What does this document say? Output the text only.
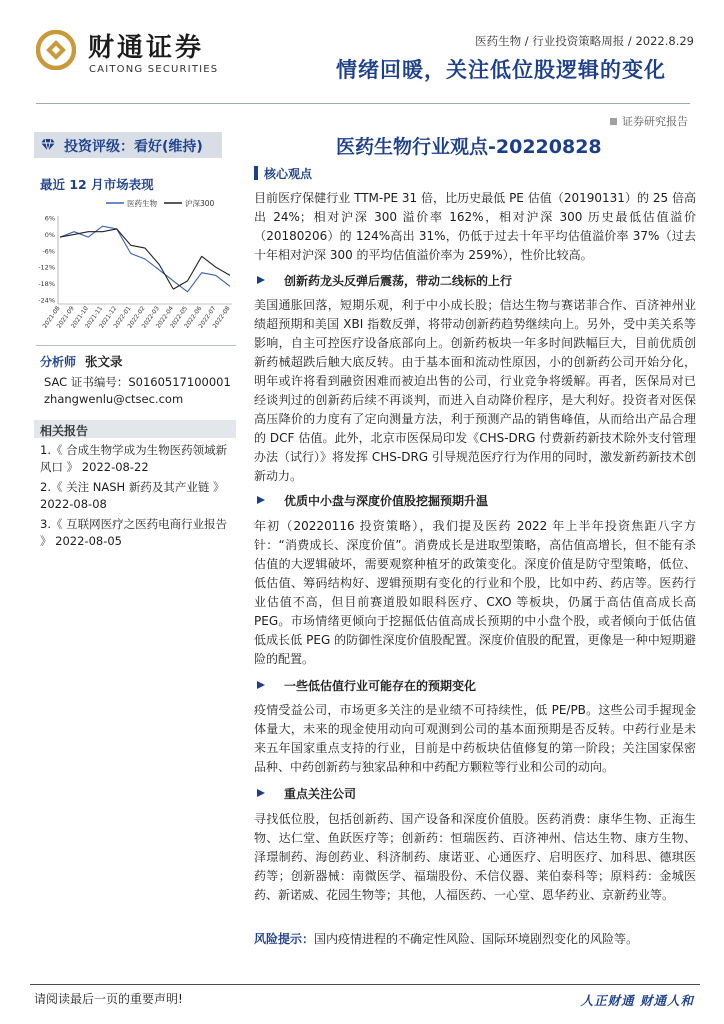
财通证券
CAITONG SECURITIES
医药生物 / 行业投资策略周报 / 2022.8.29
情绪回暖，关注低位股逻辑的变化
证券研究报告
投资评级：看好(维持)
最近 12 月市场表现
医药生物	沪深300
6%
0%
-6%
-12%
-18%
-24%
2021-08
2021-09
2021-10
2021-11
2021-12
2022-01
2022-02
2022-03
2022-04
2022-05
2022-06
2022-07
2022-08
分析师 张文录
SAC 证书编号：S0160517100001
zhangwenlu@ctsec.com
相关报告
1.《 合成生物学成为生物医药领域新风口 》 2022-08-22
2.《 关注 NASH 新药及其产业链 》 2022-08-08
3.《 互联网医疗之医药电商行业报告 》 2022-08-05
医药生物行业观点-20220828
核心观点

目前医疗保健行业 TTM-PE 31 倍，比历史最低 PE 估值（20190131）的 25 倍高出 24%；相对沪深 300 溢价率 162%，相对沪深 300 历史最低估值溢价（20180206）的 124%高出 31%，仍低于过去十年平均估值溢价率 37%（过去十年相对沪深 300 的平均估值溢价率为 259%），性价比较高。

创新药龙头反弹后震荡，带动二线标的上行

美国通胀回落，短期乐观，利于中小成长股；信达生物与赛诺菲合作、百济神州业绩超预期和美国 XBI 指数反弹，将带动创新药趋势继续向上。另外，受中美关系等影响，自主可控医疗设备底部向上。创新药板块一年多时间跌幅巨大，目前优质创新药械超跌后触大底反转。由于基本面和流动性原因，小的创新药公司开始分化，明年或许将看到融资困难而被迫出售的公司，行业竞争将缓解。再者，医保局对已经谈判过的创新药后续不再谈判，而进入自动降价程序，是大利好。投资者对医保高压降价的力度有了定向测量方法，利于预测产品的销售峰值，从而给出产品合理的 DCF 估值。此外，北京市医保局印发《CHS-DRG 付费新药新技术除外支付管理办法（试行）》将发挥 CHS-DRG 引导规范医疗行为作用的同时，激发新药新技术创新动力。

优质中小盘与深度价值股挖掘预期升温

年初（20220116 投资策略），我们提及医药 2022 年上半年投资焦距八字方针：“消费成长、深度价值”。消费成长是进取型策略，高估值高增长，但不能有杀估值的大逻辑破坏，需要观察种植牙的政策变化。深度价值是防守型策略，低位、低估值、筹码结构好、逻辑预期有变化的行业和个股，比如中药、药店等。医药行业估值不高，但目前赛道股如眼科医疗、CXO 等板块，仍属于高估值高成长高 PEG。市场情绪更倾向于挖掘低估值高成长预期的中小盘个股，或者倾向于低估值低成长低 PEG 的防御性深度价值股配置。深度价值股的配置，更像是一种中短期避险的配置。

一些低估值行业可能存在的预期变化

疫情受益公司，市场更多关注的是业绩不可持续性，低 PE/PB。这些公司手握现金体量大，未来的现金使用动向可观测到公司的基本面预期是否反转。中药行业是未来五年国家重点支持的行业，目前是中药板块估值修复的第一阶段；关注国家保密品种、中药创新药与独家品种和中药配方颗粒等行业和公司的动向。

重点关注公司

寻找低位股，包括创新药、国产设备和深度价值股。医药消费：康华生物、正海生物、达仁堂、鱼跃医疗等；创新药：恒瑞医药、百济神州、信达生物、康方生物、泽璟制药、海创药业、科济制药、康诺亚、心通医疗、启明医疗、加科思、德琪医药等；创新器械：南微医学、福瑞股份、禾信仪器、莱伯泰科等；原料药：金城医药、新诺威、花园生物等；其他，人福医药、一心堂、恩华药业、京新药业等。

风险提示：国内疫情进程的不确定性风险、国际环境剧烈变化的风险等。
请阅读最后一页的重要声明!	人正财通 财通人和
